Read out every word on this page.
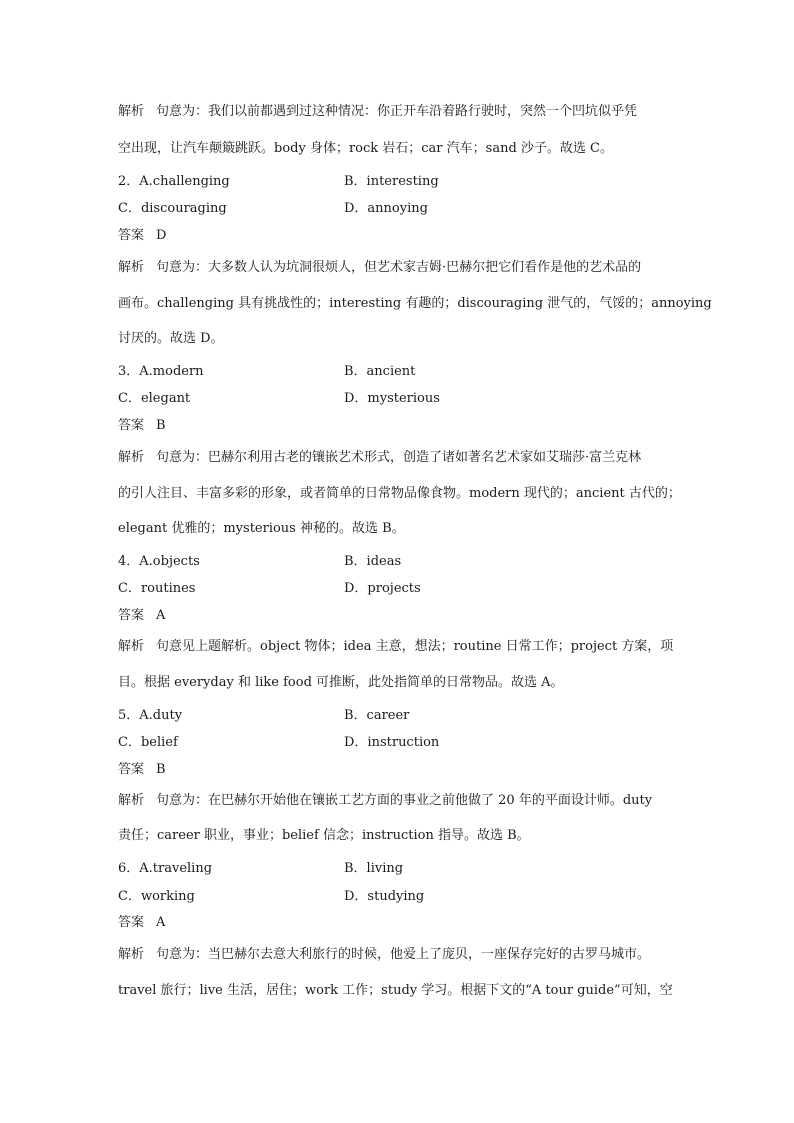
解析 句意为：我们以前都遇到过这种情况：你正开车沿着路行驶时，突然一个凹坑似乎凭
空出现，让汽车颠簸跳跃。body 身体；rock 岩石；car 汽车；sand 沙子。故选 C。
2．A.challenging	B．interesting
C．discouraging	D．annoying
答案 D
解析 句意为：大多数人认为坑洞很烦人，但艺术家吉姆·巴赫尔把它们看作是他的艺术品的
画布。challenging 具有挑战性的；interesting 有趣的；discouraging 泄气的，气馁的；annoying
讨厌的。故选 D。
3．A.modern	B．ancient
C．elegant	D．mysterious
答案 B
解析 句意为：巴赫尔利用古老的镶嵌艺术形式，创造了诸如著名艺术家如艾瑞莎·富兰克林
的引人注目、丰富多彩的形象，或者简单的日常物品像食物。modern 现代的；ancient 古代的；
elegant 优雅的；mysterious 神秘的。故选 B。
4．A.objects	B．ideas
C．routines	D．projects
答案 A
解析 句意见上题解析。object 物体；idea 主意，想法；routine 日常工作；project 方案，项
目。根据 everyday 和 like food 可推断，此处指简单的日常物品。故选 A。
5．A.duty	B．career
C．belief	D．instruction
答案 B
解析 句意为：在巴赫尔开始他在镶嵌工艺方面的事业之前他做了 20 年的平面设计师。duty
责任；career 职业，事业；belief 信念；instruction 指导。故选 B。
6．A.traveling	B．living
C．working	D．studying
答案 A
解析 句意为：当巴赫尔去意大利旅行的时候，他爱上了庞贝，一座保存完好的古罗马城市。
travel 旅行；live 生活，居住；work 工作；study 学习。根据下文的“A tour guide”可知，空
